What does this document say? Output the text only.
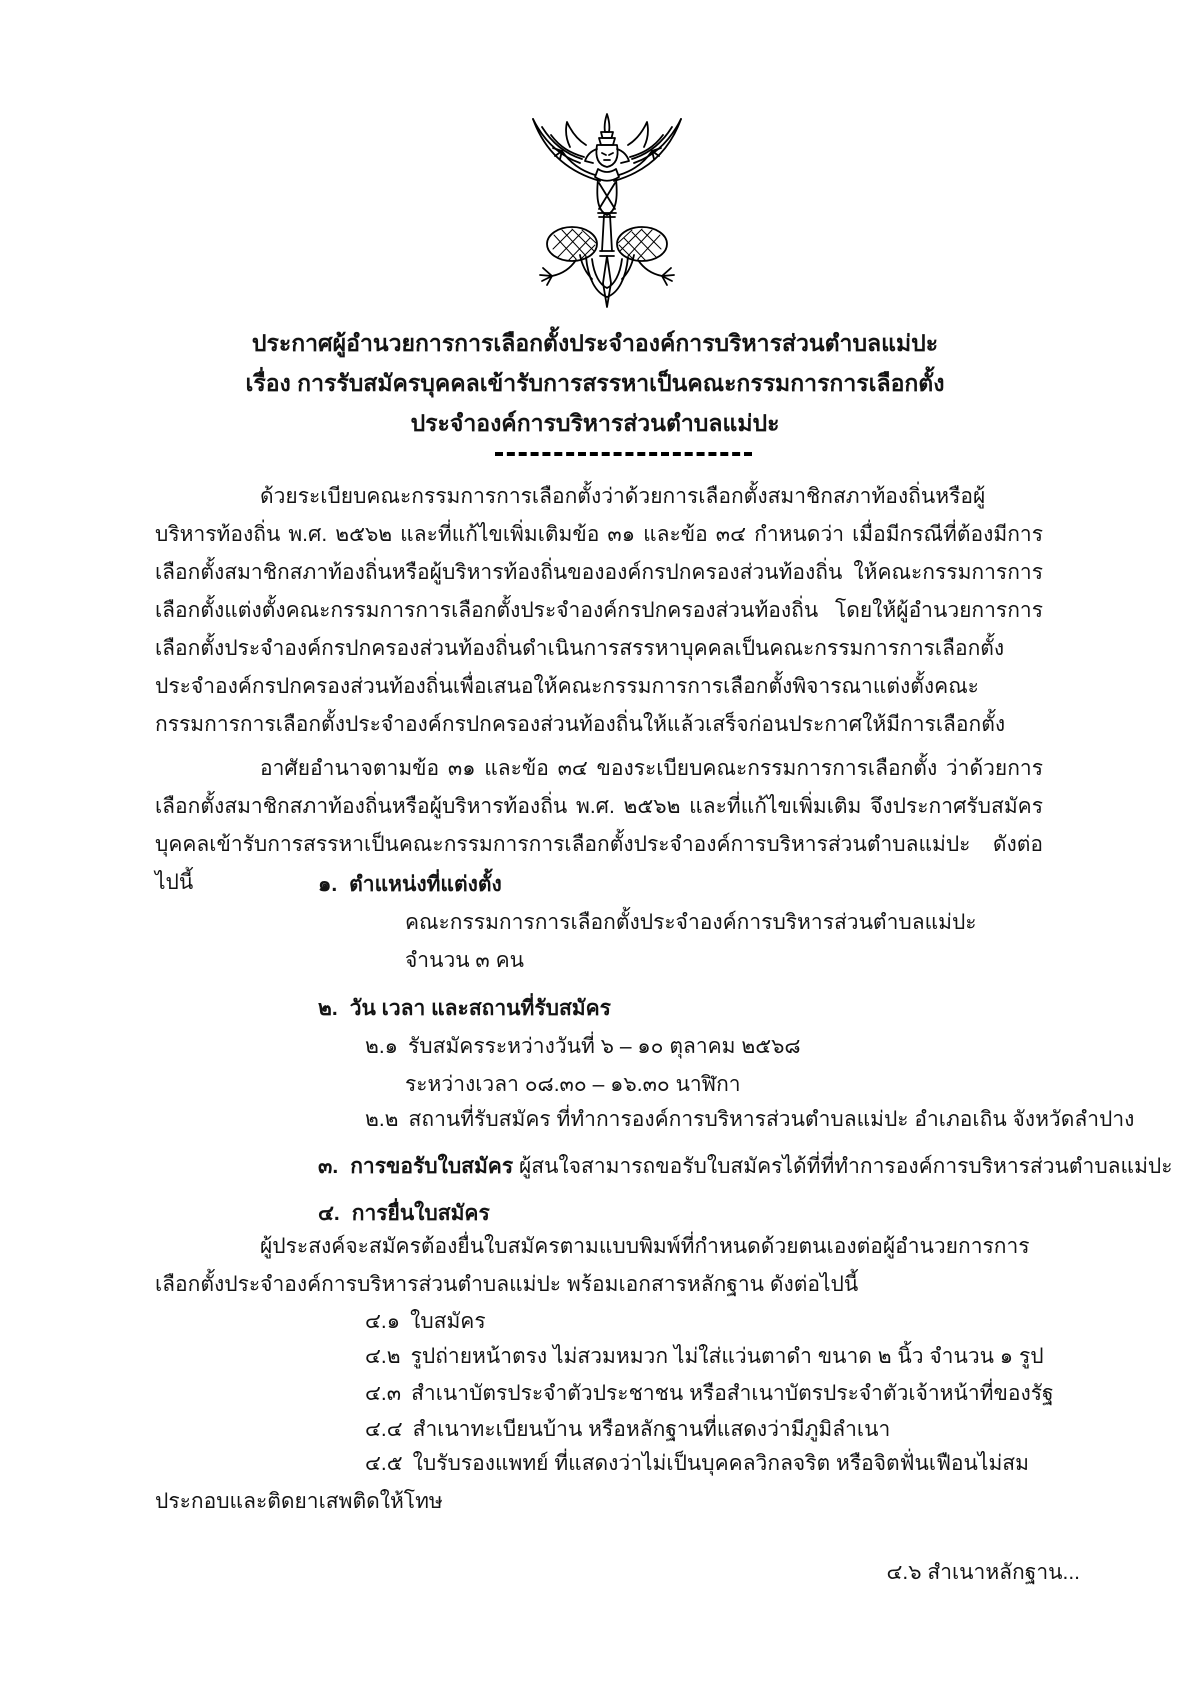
ประกาศผู้อำนวยการการเลือกตั้งประจำองค์การบริหารส่วนตำบลแม่ปะ
เรื่อง การรับสมัครบุคคลเข้ารับการสรรหาเป็นคณะกรรมการการเลือกตั้ง
ประจำองค์การบริหารส่วนตำบลแม่ปะ
ด้วยระเบียบคณะกรรมการการเลือกตั้งว่าด้วยการเลือกตั้งสมาชิกสภาท้องถิ่นหรือผู้บริหารท้องถิ่น พ.ศ. ๒๕๖๒ และที่แก้ไขเพิ่มเติมข้อ ๓๑ และข้อ ๓๔ กำหนดว่า เมื่อมีกรณีที่ต้องมีการเลือกตั้งสมาชิกสภาท้องถิ่นหรือผู้บริหารท้องถิ่นขององค์กรปกครองส่วนท้องถิ่น ให้คณะกรรมการการเลือกตั้งแต่งตั้งคณะกรรมการการเลือกตั้งประจำองค์กรปกครองส่วนท้องถิ่น โดยให้ผู้อำนวยการการเลือกตั้งประจำองค์กรปกครองส่วนท้องถิ่นดำเนินการสรรหาบุคคลเป็นคณะกรรมการการเลือกตั้งประจำองค์กรปกครองส่วนท้องถิ่นเพื่อเสนอให้คณะกรรมการการเลือกตั้งพิจารณาแต่งตั้งคณะกรรมการการเลือกตั้งประจำองค์กรปกครองส่วนท้องถิ่นให้แล้วเสร็จก่อนประกาศให้มีการเลือกตั้ง
อาศัยอำนาจตามข้อ ๓๑ และข้อ ๓๔ ของระเบียบคณะกรรมการการเลือกตั้ง ว่าด้วยการเลือกตั้งสมาชิกสภาท้องถิ่นหรือผู้บริหารท้องถิ่น พ.ศ. ๒๕๖๒ และที่แก้ไขเพิ่มเติม จึงประกาศรับสมัครบุคคลเข้ารับการสรรหาเป็นคณะกรรมการการเลือกตั้งประจำองค์การบริหารส่วนตำบลแม่ปะ ดังต่อไปนี้	๑. ตำแหน่งที่แต่งตั้ง
คณะกรรมการการเลือกตั้งประจำองค์การบริหารส่วนตำบลแม่ปะ
จำนวน ๓ คน
๒. วัน เวลา และสถานที่รับสมัคร
๒.๑ รับสมัครระหว่างวันที่ ๖ – ๑๐ ตุลาคม ๒๕๖๘
ระหว่างเวลา ๐๘.๓๐ – ๑๖.๓๐ นาฬิกา
๒.๒ สถานที่รับสมัคร ที่ทำการองค์การบริหารส่วนตำบลแม่ปะ อำเภอเถิน จังหวัดลำปาง
๓. การขอรับใบสมัคร ผู้สนใจสามารถขอรับใบสมัครได้ที่ที่ทำการองค์การบริหารส่วนตำบลแม่ปะ
๔. การยื่นใบสมัคร
ผู้ประสงค์จะสมัครต้องยื่นใบสมัครตามแบบพิมพ์ที่กำหนดด้วยตนเองต่อผู้อำนวยการการเลือกตั้งประจำองค์การบริหารส่วนตำบลแม่ปะ พร้อมเอกสารหลักฐาน ดังต่อไปนี้
๔.๑ ใบสมัคร
๔.๒ รูปถ่ายหน้าตรง ไม่สวมหมวก ไม่ใส่แว่นตาดำ ขนาด ๒ นิ้ว จำนวน ๑ รูป
๔.๓ สำเนาบัตรประจำตัวประชาชน หรือสำเนาบัตรประจำตัวเจ้าหน้าที่ของรัฐ
๔.๔ สำเนาทะเบียนบ้าน หรือหลักฐานที่แสดงว่ามีภูมิลำเนา
๔.๕ ใบรับรองแพทย์ ที่แสดงว่าไม่เป็นบุคคลวิกลจริต หรือจิตฟั่นเฟือนไม่สมประกอบและติดยาเสพติดให้โทษ
๔.๖ สำเนาหลักฐาน...
